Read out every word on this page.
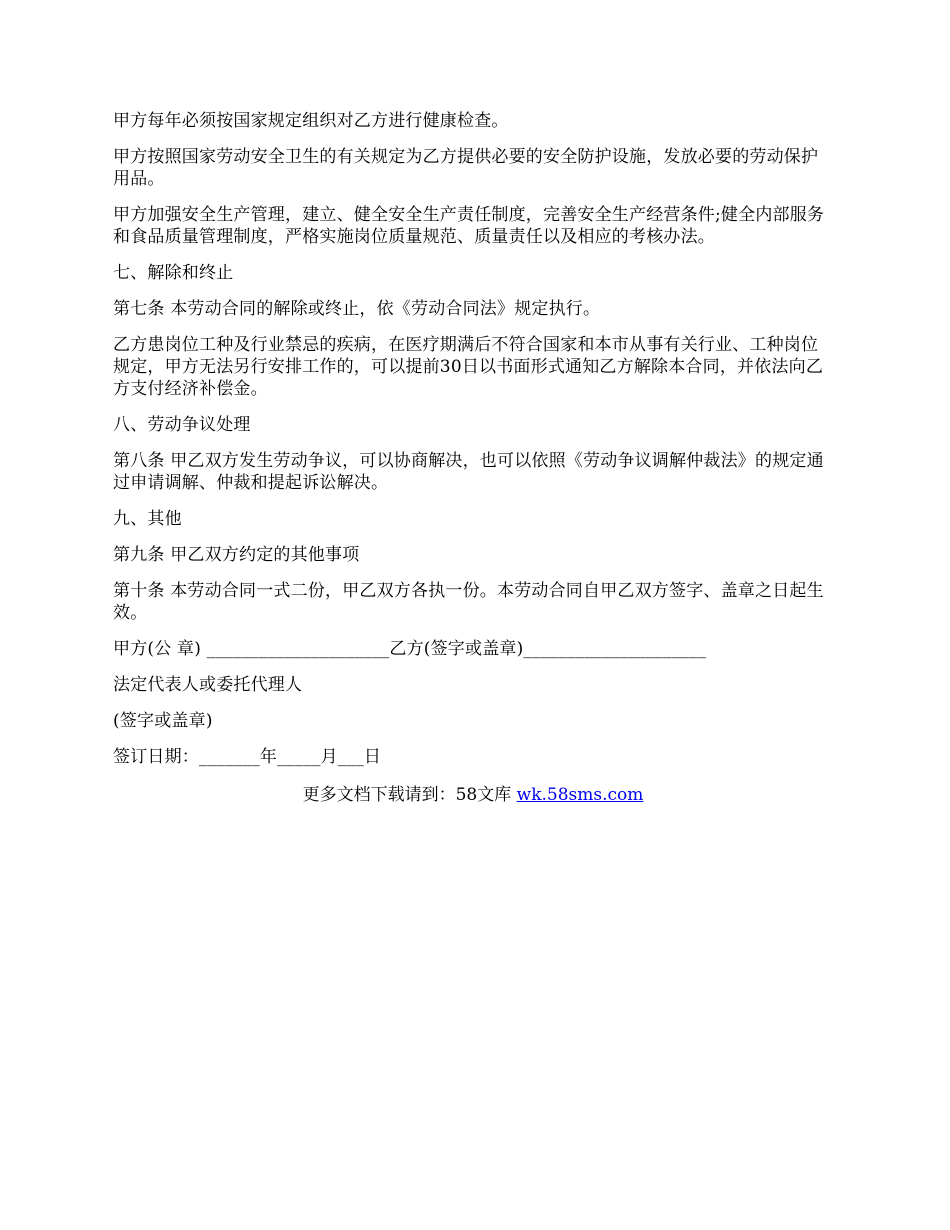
甲方每年必须按国家规定组织对乙方进行健康检查。

甲方按照国家劳动安全卫生的有关规定为乙方提供必要的安全防护设施，发放必要的劳动保护用品。

甲方加强安全生产管理，建立、健全安全生产责任制度，完善安全生产经营条件;健全内部服务和食品质量管理制度，严格实施岗位质量规范、质量责任以及相应的考核办法。

七、解除和终止

第七条 本劳动合同的解除或终止，依《劳动合同法》规定执行。

乙方患岗位工种及行业禁忌的疾病，在医疗期满后不符合国家和本市从事有关行业、工种岗位规定，甲方无法另行安排工作的，可以提前30日以书面形式通知乙方解除本合同，并依法向乙方支付经济补偿金。

八、劳动争议处理

第八条 甲乙双方发生劳动争议，可以协商解决，也可以依照《劳动争议调解仲裁法》的规定通过申请调解、仲裁和提起诉讼解决。

九、其他

第九条 甲乙双方约定的其他事项

第十条 本劳动合同一式二份，甲乙双方各执一份。本劳动合同自甲乙双方签字、盖章之日起生效。

甲方(公 章) _____________________乙方(签字或盖章)_____________________

法定代表人或委托代理人

(签字或盖章)

签订日期：_______年_____月___日

更多文档下载请到：58文库 wk.58sms.com
